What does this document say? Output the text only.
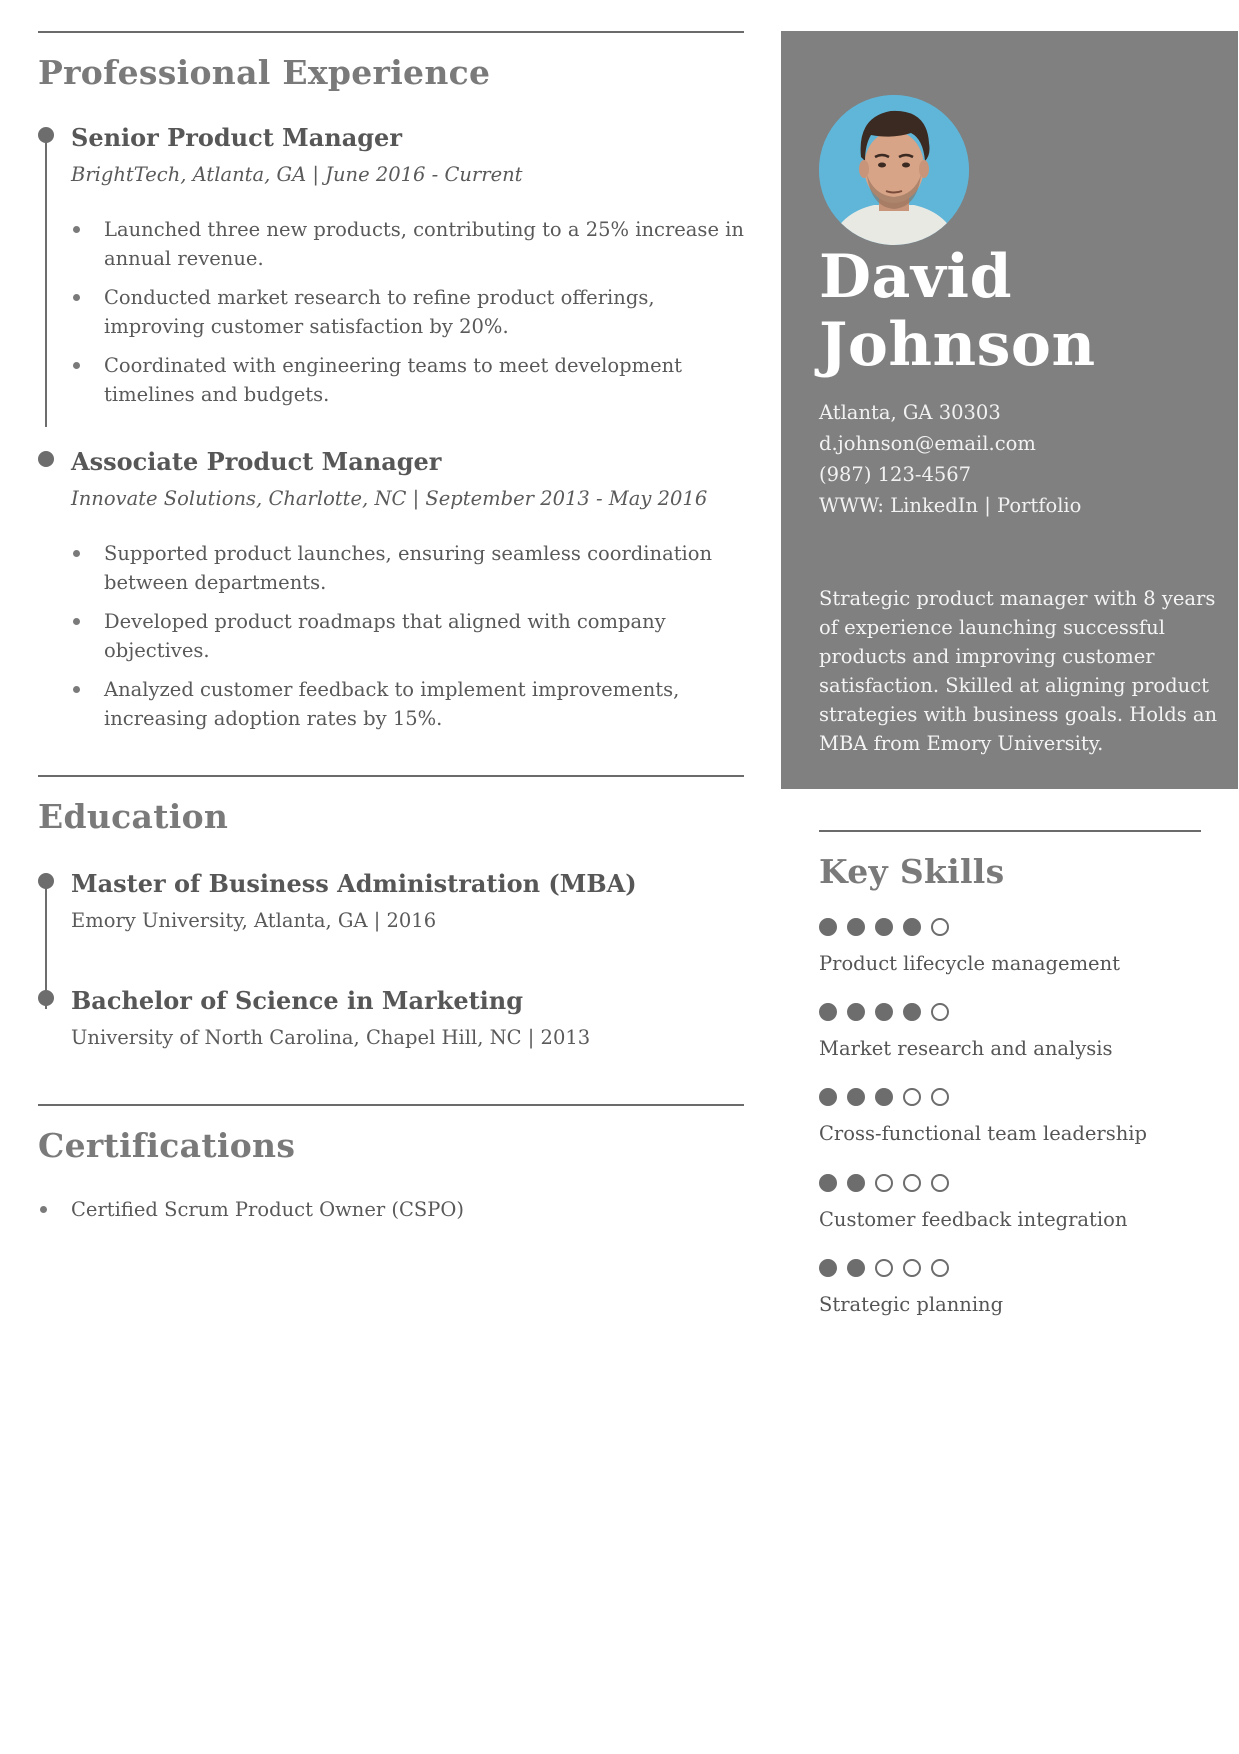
Professional Experience
Senior Product Manager
BrightTech, Atlanta, GA | June 2016 - Current
Launched three new products, contributing to a 25% increase in annual revenue.
Conducted market research to refine product offerings, improving customer satisfaction by 20%.
Coordinated with engineering teams to meet development timelines and budgets.
Associate Product Manager
Innovate Solutions, Charlotte, NC | September 2013 - May 2016
Supported product launches, ensuring seamless coordination between departments.
Developed product roadmaps that aligned with company objectives.
Analyzed customer feedback to implement improvements, increasing adoption rates by 15%.
Education
Master of Business Administration (MBA)
Emory University, Atlanta, GA | 2016
Bachelor of Science in Marketing
University of North Carolina, Chapel Hill, NC | 2013
Certifications
Certified Scrum Product Owner (CSPO)
David
Johnson
Atlanta, GA 30303
d.johnson@email.com
(987) 123-4567
WWW: LinkedIn | Portfolio
Strategic product manager with 8 years of experience launching successful products and improving customer satisfaction. Skilled at aligning product strategies with business goals. Holds an MBA from Emory University.
Key Skills
Product lifecycle management
Market research and analysis
Cross-functional team leadership
Customer feedback integration
Strategic planning
